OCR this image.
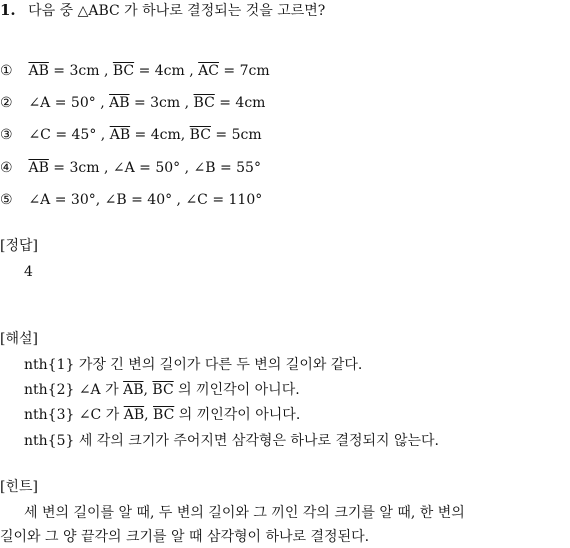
1. 다음 중 △ABC 가 하나로 결정되는 것을 고르면?
① $\overline{AB} = 3cm$ , $\overline{BC} = 4cm$ , $\overline{AC} = 7cm$
② ∠A = 50° , $\overline{AB} = 3cm$ , $\overline{BC} = 4cm$
③ ∠C = 45° , $\overline{AB} = 4cm$, $\overline{BC} = 5cm$
④ $\overline{AB} = 3cm$ , ∠A = 50° , ∠B = 55°
⑤ ∠A = 30°, ∠B = 40° , ∠C = 110°
[정답]
4
[해설]
nth{1} 가장 긴 변의 길이가 다른 두 변의 길이와 같다.
nth{2} ∠A 가 $\overline{AB}$, $\overline{BC}$ 의 끼인각이 아니다.
nth{3} ∠C 가 $\overline{AB}$, $\overline{BC}$ 의 끼인각이 아니다.
nth{5} 세 각의 크기가 주어지면 삼각형은 하나로 결정되지 않는다.
[힌트]
세 변의 길이를 알 때, 두 변의 길이와 그 끼인 각의 크기를 알 때, 한 변의
길이와 그 양 끝각의 크기를 알 때 삼각형이 하나로 결정된다.
